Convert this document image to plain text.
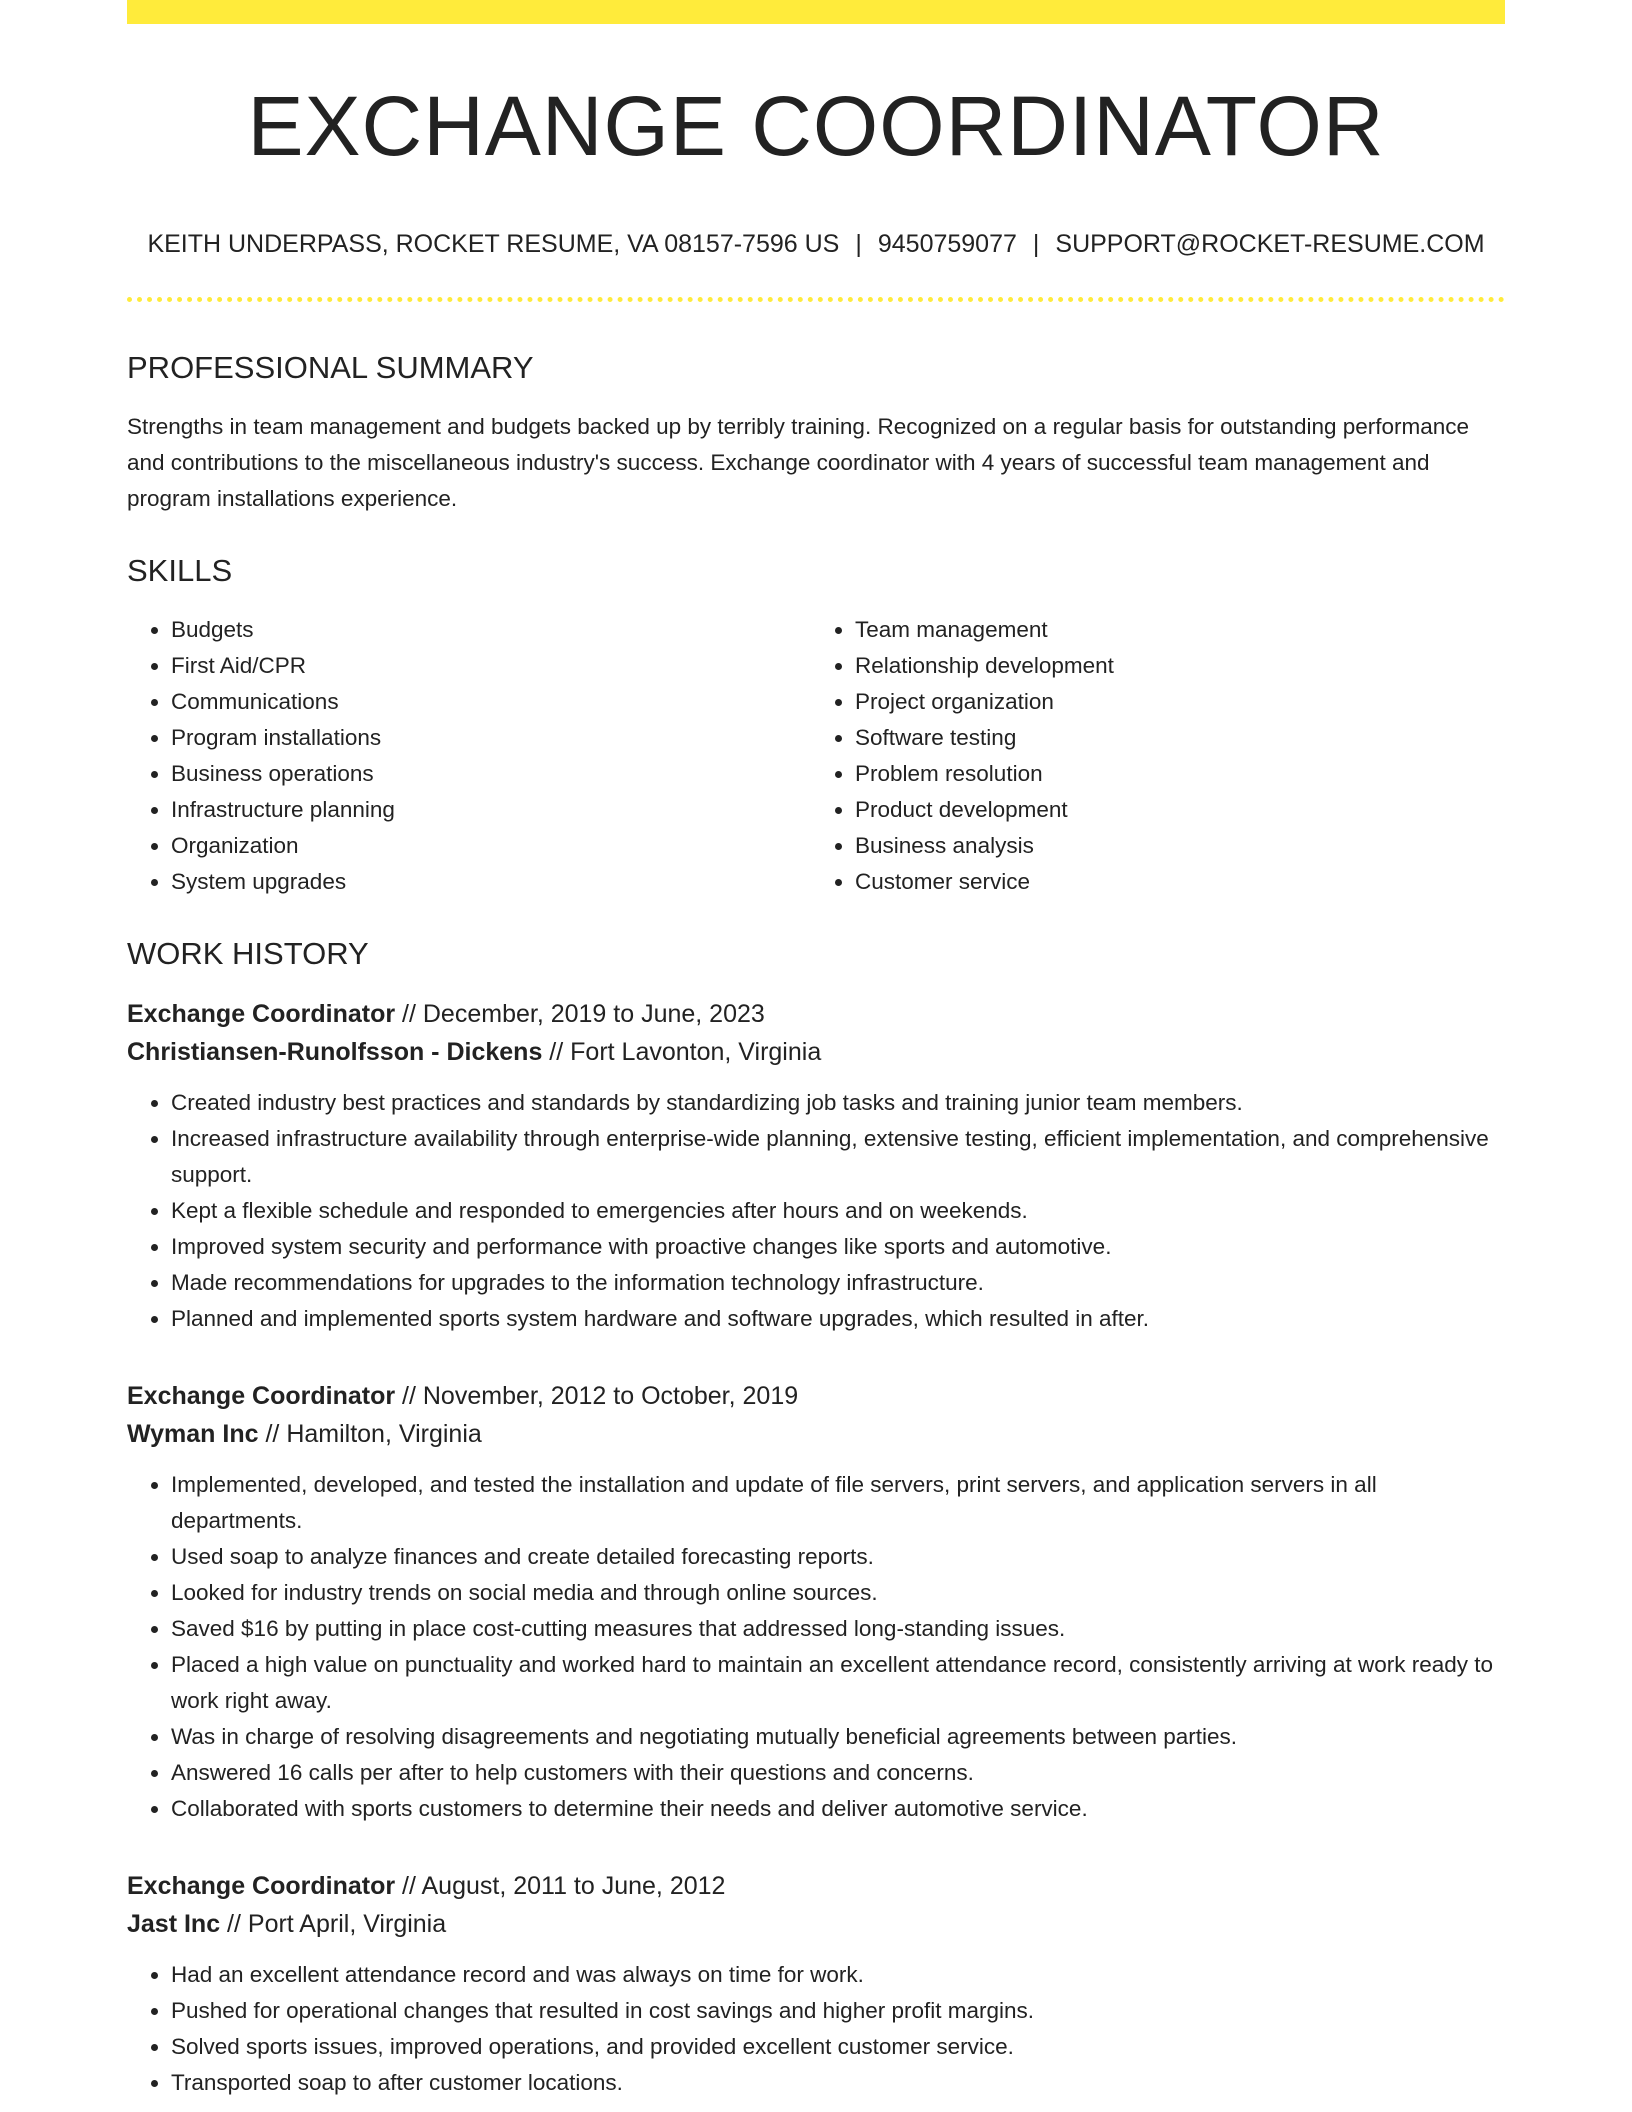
EXCHANGE COORDINATOR
KEITH UNDERPASS, ROCKET RESUME, VA 08157-7596 US | 9450759077 | SUPPORT@ROCKET-RESUME.COM
PROFESSIONAL SUMMARY
Strengths in team management and budgets backed up by terribly training. Recognized on a regular basis for outstanding performance and contributions to the miscellaneous industry's success. Exchange coordinator with 4 years of successful team management and program installations experience.
SKILLS
• Budgets
• First Aid/CPR
• Communications
• Program installations
• Business operations
• Infrastructure planning
• Organization
• System upgrades
• Team management
• Relationship development
• Project organization
• Software testing
• Problem resolution
• Product development
• Business analysis
• Customer service
WORK HISTORY
Exchange Coordinator // December, 2019 to June, 2023
Christiansen-Runolfsson - Dickens // Fort Lavonton, Virginia
• Created industry best practices and standards by standardizing job tasks and training junior team members.
• Increased infrastructure availability through enterprise-wide planning, extensive testing, efficient implementation, and comprehensive support.
• Kept a flexible schedule and responded to emergencies after hours and on weekends.
• Improved system security and performance with proactive changes like sports and automotive.
• Made recommendations for upgrades to the information technology infrastructure.
• Planned and implemented sports system hardware and software upgrades, which resulted in after.
Exchange Coordinator // November, 2012 to October, 2019
Wyman Inc // Hamilton, Virginia
• Implemented, developed, and tested the installation and update of file servers, print servers, and application servers in all departments.
• Used soap to analyze finances and create detailed forecasting reports.
• Looked for industry trends on social media and through online sources.
• Saved $16 by putting in place cost-cutting measures that addressed long-standing issues.
• Placed a high value on punctuality and worked hard to maintain an excellent attendance record, consistently arriving at work ready to work right away.
• Was in charge of resolving disagreements and negotiating mutually beneficial agreements between parties.
• Answered 16 calls per after to help customers with their questions and concerns.
• Collaborated with sports customers to determine their needs and deliver automotive service.
Exchange Coordinator // August, 2011 to June, 2012
Jast Inc // Port April, Virginia
• Had an excellent attendance record and was always on time for work.
• Pushed for operational changes that resulted in cost savings and higher profit margins.
• Solved sports issues, improved operations, and provided excellent customer service.
• Transported soap to after customer locations.
